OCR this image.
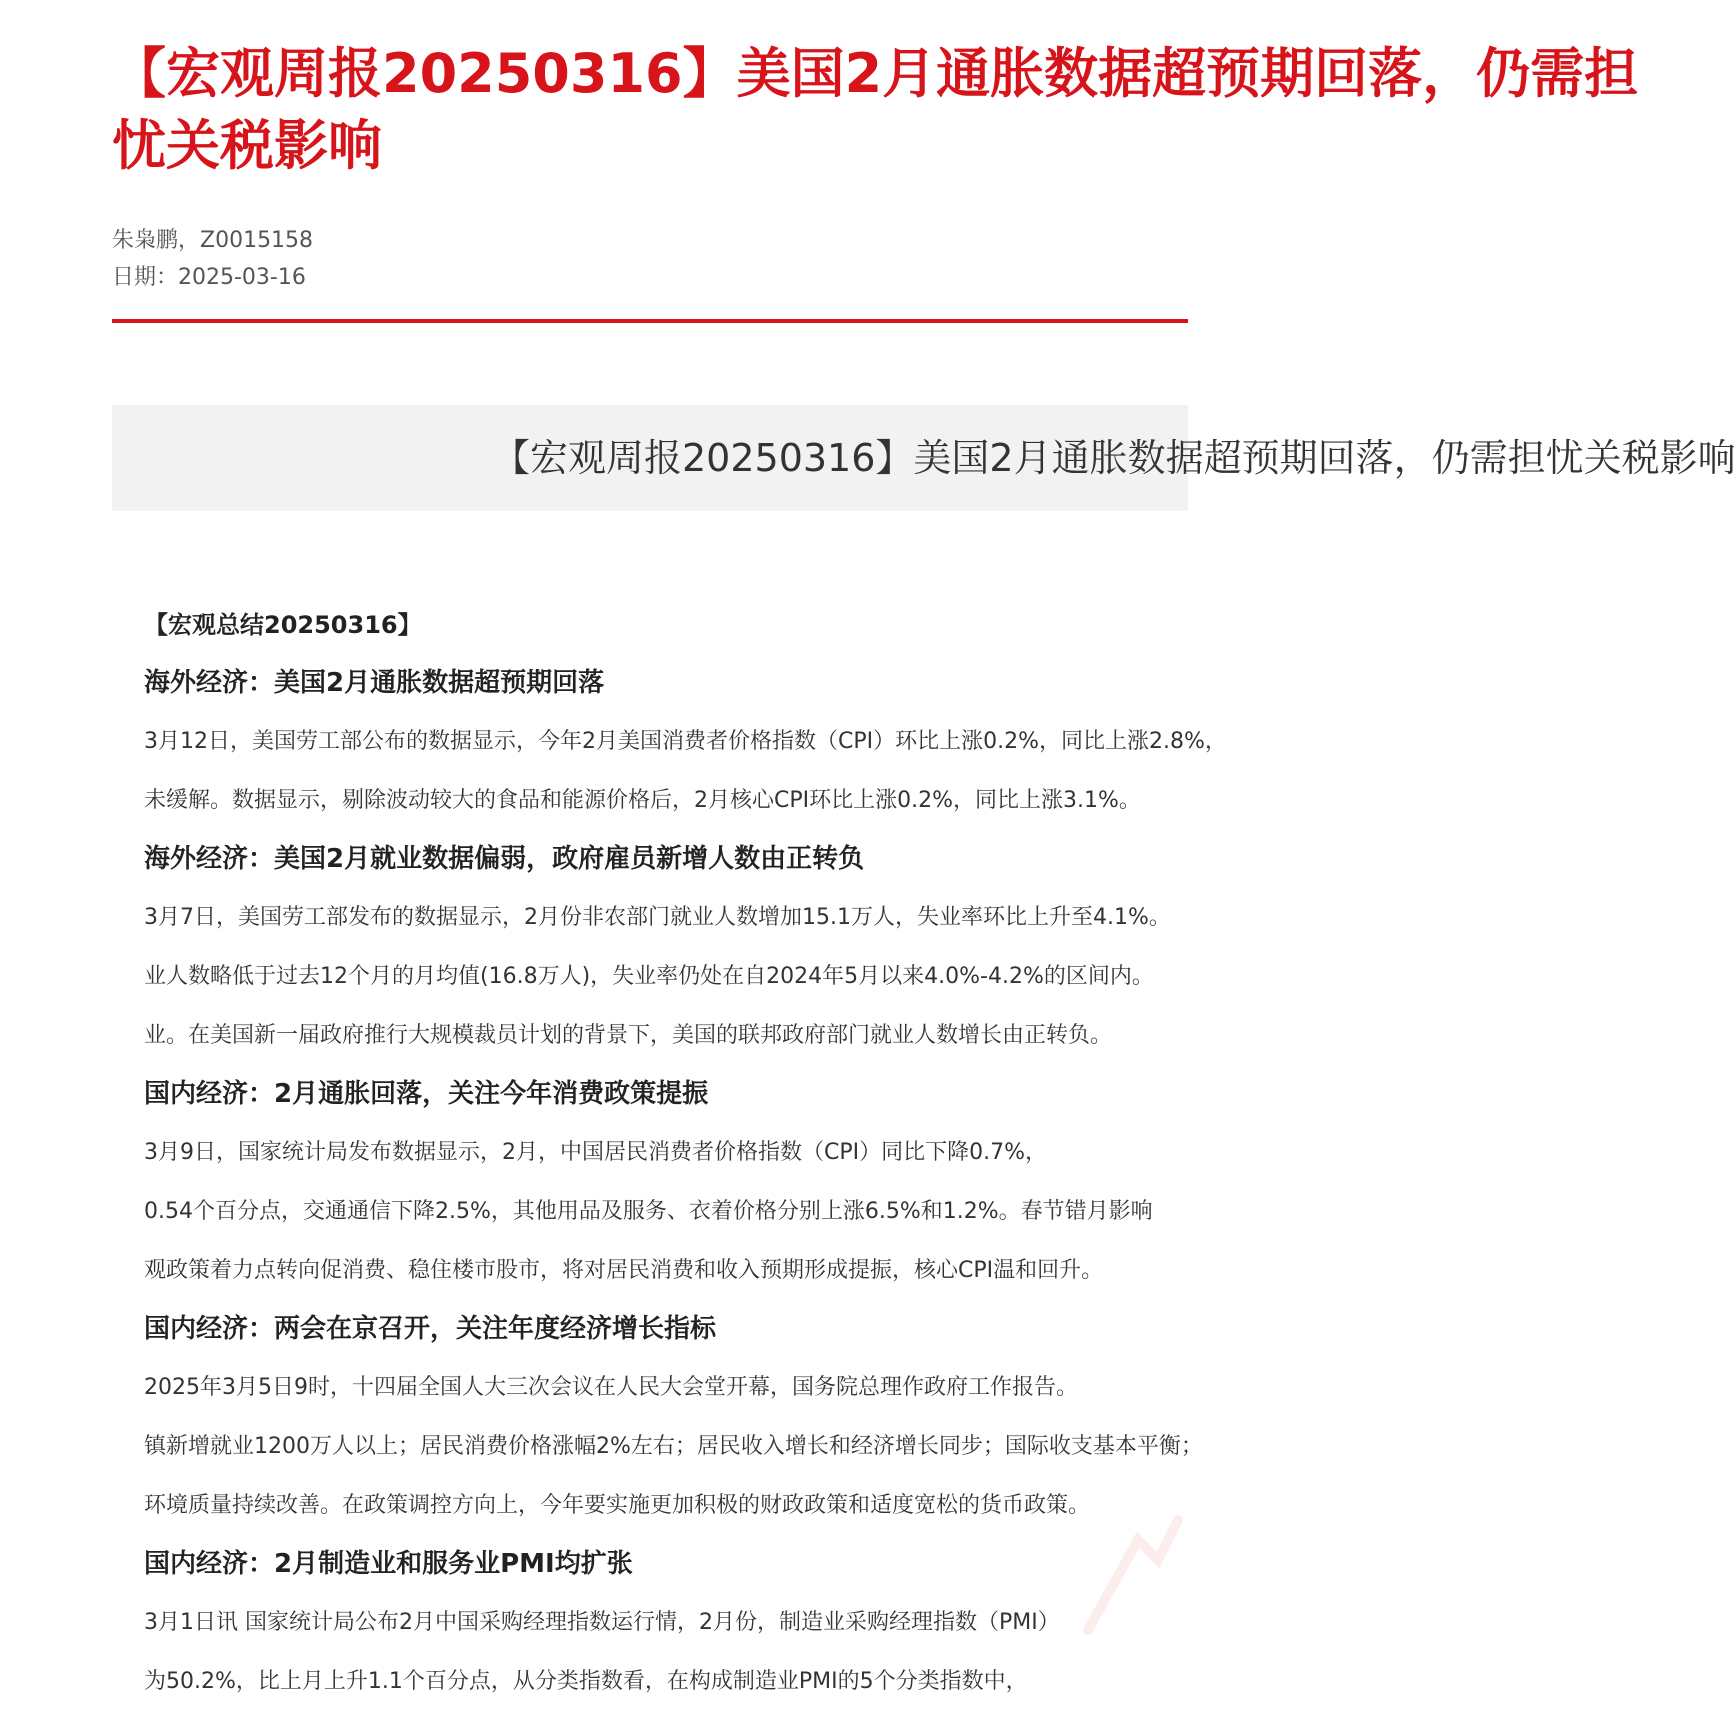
【宏观周报20250316】美国2月通胀数据超预期回落，仍需担
忧关税影响
朱枭鹏，Z0015158
日期：2025-03-16
【宏观周报20250316】美国2月通胀数据超预期回落，仍需担忧关税影响
【宏观总结20250316】
海外经济：美国2月通胀数据超预期回落
3月12日，美国劳工部公布的数据显示，今年2月美国消费者价格指数（CPI）环比上涨0.2%，同比上涨2.8%，
未缓解。数据显示，剔除波动较大的食品和能源价格后，2月核心CPI环比上涨0.2%，同比上涨3.1%。
海外经济：美国2月就业数据偏弱，政府雇员新增人数由正转负
3月7日，美国劳工部发布的数据显示，2月份非农部门就业人数增加15.1万人，失业率环比上升至4.1%。
业人数略低于过去12个月的月均值(16.8万人)，失业率仍处在自2024年5月以来4.0%-4.2%的区间内。
业。在美国新一届政府推行大规模裁员计划的背景下，美国的联邦政府部门就业人数增长由正转负。
国内经济：2月通胀回落，关注今年消费政策提振
3月9日，国家统计局发布数据显示，2月，中国居民消费者价格指数（CPI）同比下降0.7%，
0.54个百分点，交通通信下降2.5%，其他用品及服务、衣着价格分别上涨6.5%和1.2%。春节错月影响
观政策着力点转向促消费、稳住楼市股市，将对居民消费和收入预期形成提振，核心CPI温和回升。
国内经济：两会在京召开，关注年度经济增长指标
2025年3月5日9时，十四届全国人大三次会议在人民大会堂开幕，国务院总理作政府工作报告。
镇新增就业1200万人以上；居民消费价格涨幅2%左右；居民收入增长和经济增长同步；国际收支基本平衡；
环境质量持续改善。在政策调控方向上，今年要实施更加积极的财政政策和适度宽松的货币政策。
国内经济：2月制造业和服务业PMI均扩张
3月1日讯 国家统计局公布2月中国采购经理指数运行情，2月份，制造业采购经理指数（PMI）
为50.2%，比上月上升1.1个百分点，从分类指数看，在构成制造业PMI的5个分类指数中，
